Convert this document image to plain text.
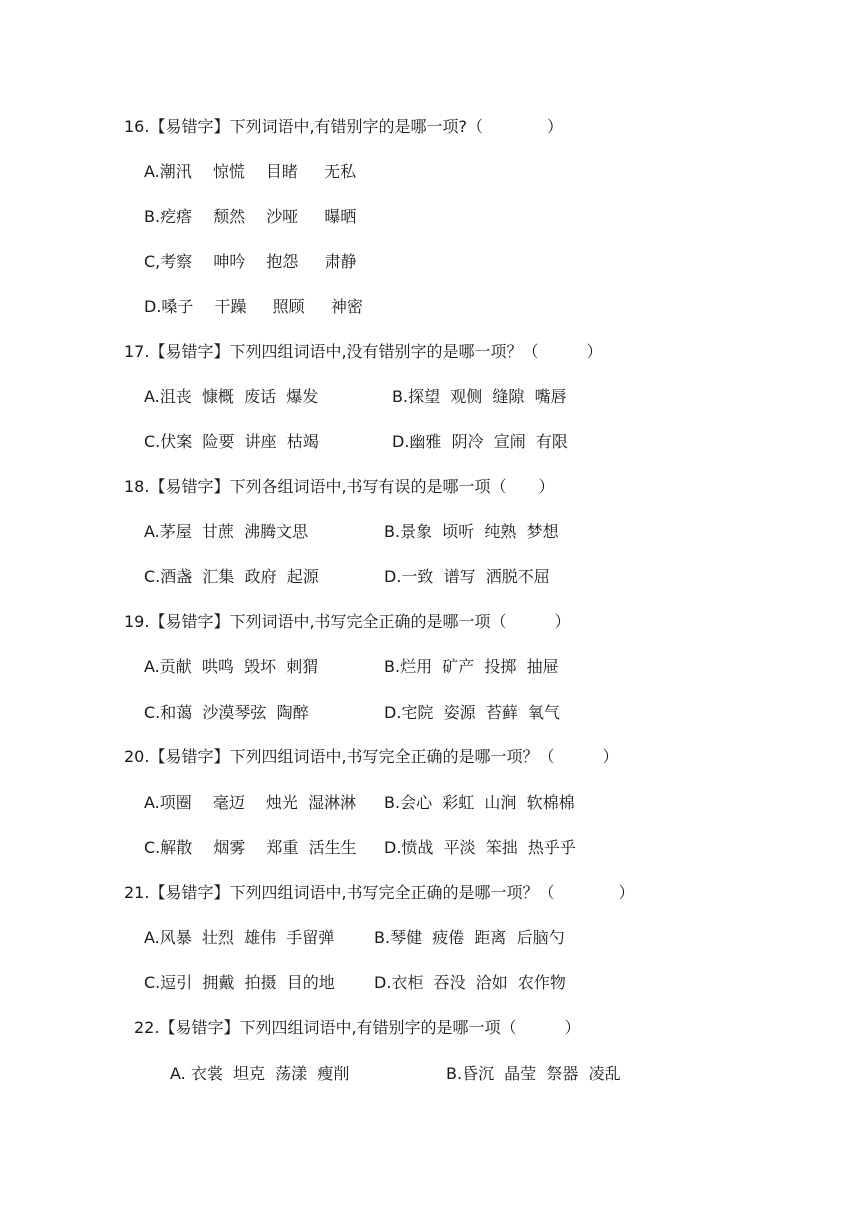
16.【易错字】下列词语中,有错别字的是哪一项?（　　　　）
A.潮汛　 惊慌　 目睹　  无私
B.疙瘩　 颓然　 沙哑　  曝晒
C,考察　 呻吟　 抱怨　  肃静
D.嗓子　 干躁　  照顾　  神密
17.【易错字】下列四组词语中,没有错别字的是哪一项？（　　　）
A.沮丧  慷概  废话  爆发	B.探望  观侧  缝隙  嘴唇
C.伏案  险要  讲座  枯竭	D.幽雅  阴冷  宣闹  有限
18.【易错字】下列各组词语中,书写有误的是哪一项（　　）
A.茅屋  甘蔗  沸腾文思	B.景象  顷听  纯熟  梦想
C.酒盏  汇集  政府  起源	D.一致  谱写  洒脱不屈
19.【易错字】下列词语中,书写完全正确的是哪一项（　　　）
A.贡献  哄鸣  毁坏  刺猬	B.烂用  矿产  投掷  抽屉
C.和蔼  沙漠琴弦  陶醉	D.宅院  姿源  苔藓  氧气
20.【易错字】下列四组词语中,书写完全正确的是哪一项？（　　　）
A.项圈　 毫迈　 烛光  湿淋淋 B.会心  彩虹  山涧  软棉棉
C.解散　 烟雾　 郑重  活生生 D.愤战  平淡  笨拙  热乎乎
21.【易错字】下列四组词语中,书写完全正确的是哪一项？（　　　　）
A.风暴  壮烈  雄伟  手留弹 B.琴健  疲倦  距离  后脑勺
C.逗引  拥戴  拍摄  目的地 D.衣柜  吞没  洽如  农作物
22.【易错字】下列四组词语中,有错别字的是哪一项（　　　）
A. 衣裳  坦克  荡漾  瘦削	B.昏沉  晶莹  祭器  凌乱
